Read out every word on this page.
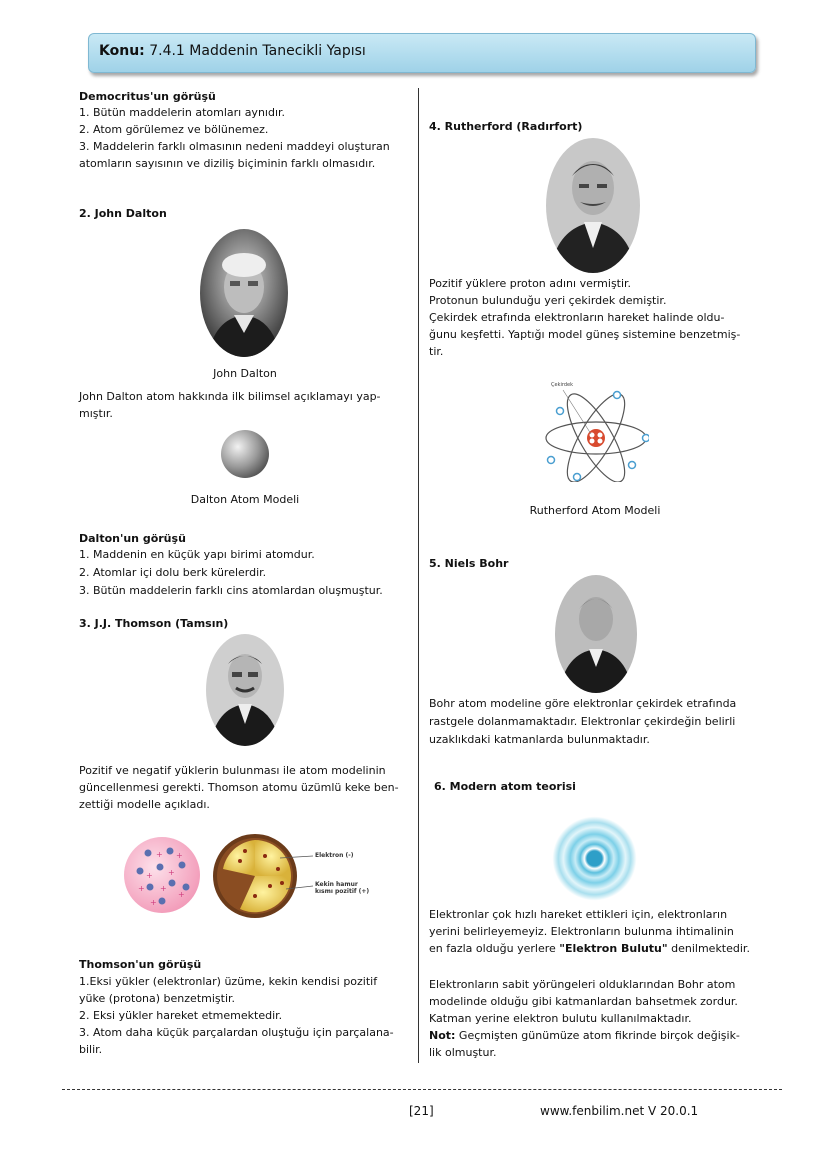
Konu: 7.4.1 Maddenin Tanecikli Yapısı
Democritus'un görüşü
1. Bütün maddelerin atomları aynıdır.
2. Atom görülemez ve bölünemez.
3. Maddelerin farklı olmasının nedeni maddeyi oluşturan
atomların sayısının ve diziliş biçiminin farklı olmasıdır.
2. John Dalton
John Dalton
John Dalton atom hakkında ilk bilimsel açıklamayı yap-
mıştır.
Dalton Atom Modeli
Dalton'un görüşü
1. Maddenin en küçük yapı birimi atomdur.
2. Atomlar içi dolu berk kürelerdir.
3. Bütün maddelerin farklı cins atomlardan oluşmuştur.
3. J.J. Thomson (Tamsın)
Pozitif ve negatif yüklerin bulunması ile atom modelinin
güncellenmesi gerekti. Thomson atomu üzümlü keke ben-
zettiği modelle açıkladı.
+ +
+ +
+ +
+
+
Elektron (-)
Kekin hamur
kısmı pozitif (+)
Thomson'un görüşü
1.Eksi yükler (elektronlar) üzüme, kekin kendisi pozitif
yüke (protona) benzetmiştir.
2. Eksi yükler hareket etmemektedir.
3. Atom daha küçük parçalardan oluştuğu için parçalana-
bilir.
4. Rutherford (Radırfort)
Pozitif yüklere proton adını vermiştir.
Protonun bulunduğu yeri çekirdek demiştir.
Çekirdek etrafında elektronların hareket halinde oldu-
ğunu keşfetti. Yaptığı model güneş sistemine benzetmiş-
tir.
Çekirdek
Rutherford Atom Modeli
5. Niels Bohr
Bohr atom modeline göre elektronlar çekirdek etrafında
rastgele dolanmamaktadır. Elektronlar çekirdeğin belirli
uzaklıkdaki katmanlarda bulunmaktadır.
6. Modern atom teorisi
Elektronlar çok hızlı hareket ettikleri için, elektronların
yerini belirleyemeyiz. Elektronların bulunma ihtimalinin
en fazla olduğu yerlere "Elektron Bulutu" denilmektedir.
Elektronların sabit yörüngeleri olduklarından Bohr atom
modelinde olduğu gibi katmanlardan bahsetmek zordur.
Katman yerine elektron bulutu kullanılmaktadır.
Not: Geçmişten günümüze atom fikrinde birçok değişik-
lik olmuştur.
[21]	www.fenbilim.net V 20.0.1
